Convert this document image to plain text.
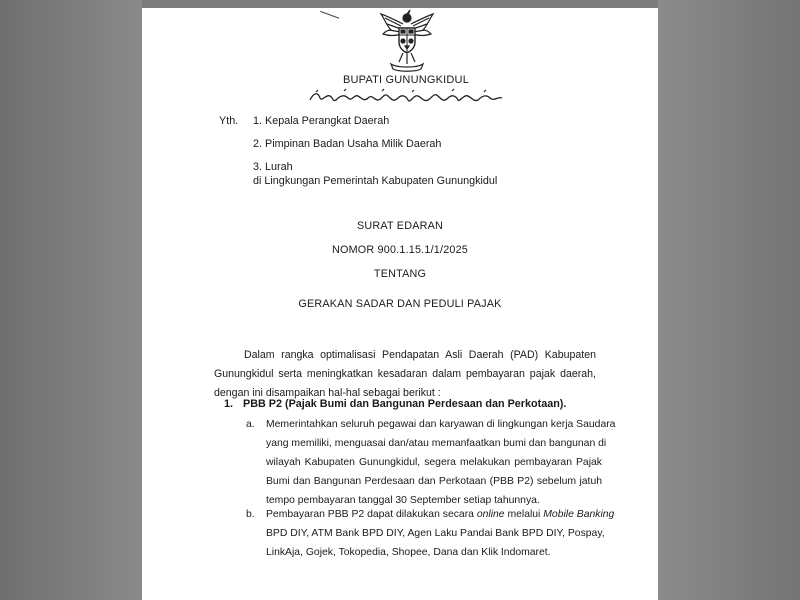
BUPATI GUNUNGKIDUL
Yth. 1. Kepala Perangkat Daerah
2. Pimpinan Badan Usaha Milik Daerah
3. Lurah
di Lingkungan Pemerintah Kabupaten Gunungkidul
SURAT EDARAN
NOMOR 900.1.15.1/1/2025
TENTANG
GERAKAN SADAR DAN PEDULI PAJAK
Dalam rangka optimalisasi Pendapatan Asli Daerah (PAD) Kabupaten
Gunungkidul serta meningkatkan kesadaran dalam pembayaran pajak daerah,
dengan ini disampaikan hal-hal sebagai berikut :
1. PBB P2 (Pajak Bumi dan Bangunan Perdesaan dan Perkotaan).
a. Memerintahkan seluruh pegawai dan karyawan di lingkungan kerja Saudara
yang memiliki, menguasai dan/atau memanfaatkan bumi dan bangunan di
wilayah Kabupaten Gunungkidul, segera melakukan pembayaran Pajak
Bumi dan Bangunan Perdesaan dan Perkotaan (PBB P2) sebelum jatuh
tempo pembayaran tanggal 30 September setiap tahunnya.
b. Pembayaran PBB P2 dapat dilakukan secara online melalui Mobile Banking
BPD DIY, ATM Bank BPD DIY, Agen Laku Pandai Bank BPD DIY, Pospay,
LinkAja, Gojek, Tokopedia, Shopee, Dana dan Klik Indomaret.
